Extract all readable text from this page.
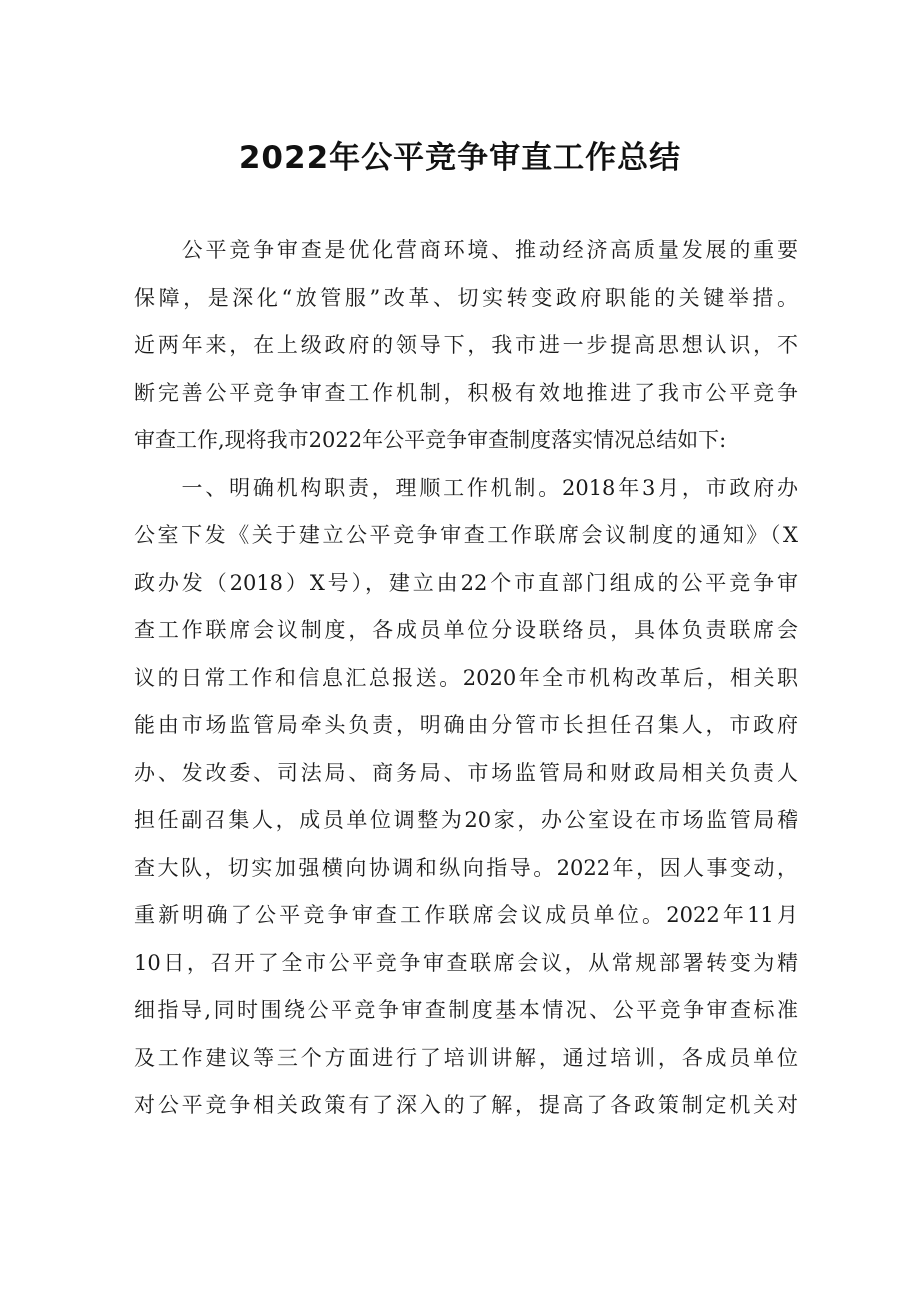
2022年公平竞争审直工作总结
　　公平竞争审查是优化营商环境、推动经济高质量发展的重要
保障，是深化“放管服”改革、切实转变政府职能的关键举措。
近两年来，在上级政府的领导下，我市进一步提高思想认识，不
断完善公平竞争审查工作机制，积极有效地推进了我市公平竞争
审查工作,现将我市2022年公平竞争审查制度落实情况总结如下:
　　一、明确机构职责，理顺工作机制。2018年3月，市政府办
公室下发《关于建立公平竞争审查工作联席会议制度的通知》（X
政办发（2018）X号），建立由22个市直部门组成的公平竞争审
查工作联席会议制度，各成员单位分设联络员，具体负责联席会
议的日常工作和信息汇总报送。2020年全市机构改革后，相关职
能由市场监管局牵头负责，明确由分管市长担任召集人，市政府
办、发改委、司法局、商务局、市场监管局和财政局相关负责人
担任副召集人，成员单位调整为20家，办公室设在市场监管局稽
查大队，切实加强横向协调和纵向指导。2022年，因人事变动，
重新明确了公平竞争审查工作联席会议成员单位。2022年11月
10日，召开了全市公平竞争审查联席会议，从常规部署转变为精
细指导,同时围绕公平竞争审查制度基本情况、公平竞争审查标准
及工作建议等三个方面进行了培训讲解，通过培训，各成员单位
对公平竞争相关政策有了深入的了解，提高了各政策制定机关对
